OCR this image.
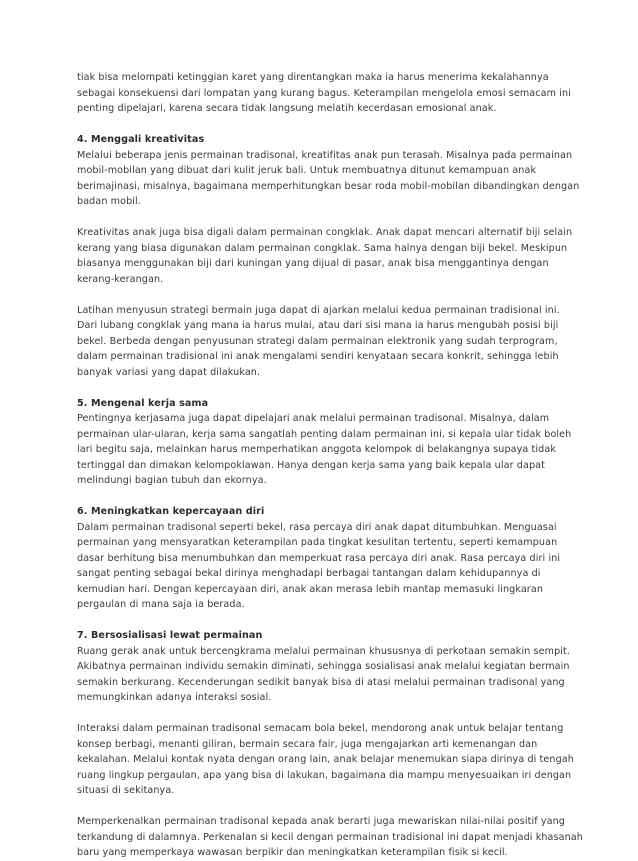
tiak bisa melompati ketinggian karet yang direntangkan maka ia harus menerima kekalahannya
sebagai konsekuensi dari lompatan yang kurang bagus. Keterampilan mengelola emosi semacam ini
penting dipelajari, karena secara tidak langsung melatih kecerdasan emosional anak.
4. Menggali kreativitas
Melalui beberapa jenis permainan tradisonal, kreatifitas anak pun terasah. Misalnya pada permainan
mobil-mobilan yang dibuat dari kulit jeruk bali. Untuk membuatnya ditunut kemampuan anak
berimajinasi, misalnya, bagaimana memperhitungkan besar roda mobil-mobilan dibandingkan dengan
badan mobil.
Kreativitas anak juga bisa digali dalam permainan congklak. Anak dapat mencari alternatif biji selain
kerang yang biasa digunakan dalam permainan congklak. Sama halnya dengan biji bekel. Meskipun
biasanya menggunakan biji dari kuningan yang dijual di pasar, anak bisa menggantinya dengan
kerang-kerangan.
Latihan menyusun strategi bermain juga dapat di ajarkan melalui kedua permainan tradisional ini.
Dari lubang congklak yang mana ia harus mulai, atau dari sisi mana ia harus mengubah posisi biji
bekel. Berbeda dengan penyusunan strategi dalam permainan elektronik yang sudah terprogram,
dalam permainan tradisional ini anak mengalami sendiri kenyataan secara konkrit, sehingga lebih
banyak variasi yang dapat dilakukan.
5. Mengenal kerja sama
Pentingnya kerjasama juga dapat dipelajari anak melalui permainan tradisonal. Misalnya, dalam
permainan ular-ularan, kerja sama sangatlah penting dalam permainan ini, si kepala ular tidak boleh
lari begitu saja, melainkan harus memperhatikan anggota kelompok di belakangnya supaya tidak
tertinggal dan dimakan kelompoklawan. Hanya dengan kerja sama yang baik kepala ular dapat
melindungi bagian tubuh dan ekornya.
6. Meningkatkan kepercayaan diri
Dalam permainan tradisonal seperti bekel, rasa percaya diri anak dapat ditumbuhkan. Menguasai
permainan yang mensyaratkan keterampilan pada tingkat kesulitan tertentu, seperti kemampuan
dasar berhitung bisa menumbuhkan dan memperkuat rasa percaya diri anak. Rasa percaya diri ini
sangat penting sebagai bekal dirinya menghadapi berbagai tantangan dalam kehidupannya di
kemudian hari. Dengan kepercayaan diri, anak akan merasa lebih mantap memasuki lingkaran
pergaulan di mana saja ia berada.
7. Bersosialisasi lewat permainan
Ruang gerak anak untuk bercengkrama melalui permainan khususnya di perkotaan semakin sempit.
Akibatnya permainan individu semakin diminati, sehingga sosialisasi anak melalui kegiatan bermain
semakin berkurang. Kecenderungan sedikit banyak bisa di atasi melalui permainan tradisonal yang
memungkinkan adanya interaksi sosial.
Interaksi dalam permainan tradisonal semacam bola bekel, mendorong anak untuk belajar tentang
konsep berbagi, menanti giliran, bermain secara fair, juga mengajarkan arti kemenangan dan
kekalahan. Melalui kontak nyata dengan orang lain, anak belajar menemukan siapa dirinya di tengah
ruang lingkup pergaulan, apa yang bisa di lakukan, bagaimana dia mampu menyesuaikan iri dengan
situasi di sekitanya.
Memperkenalkan permainan tradisonal kepada anak berarti juga mewariskan nilai-nilai positif yang
terkandung di dalamnya. Perkenalan si kecil dengan permainan tradisional ini dapat menjadi khasanah
baru yang memperkaya wawasan berpikir dan meningkatkan keterampilan fisik si kecil.
